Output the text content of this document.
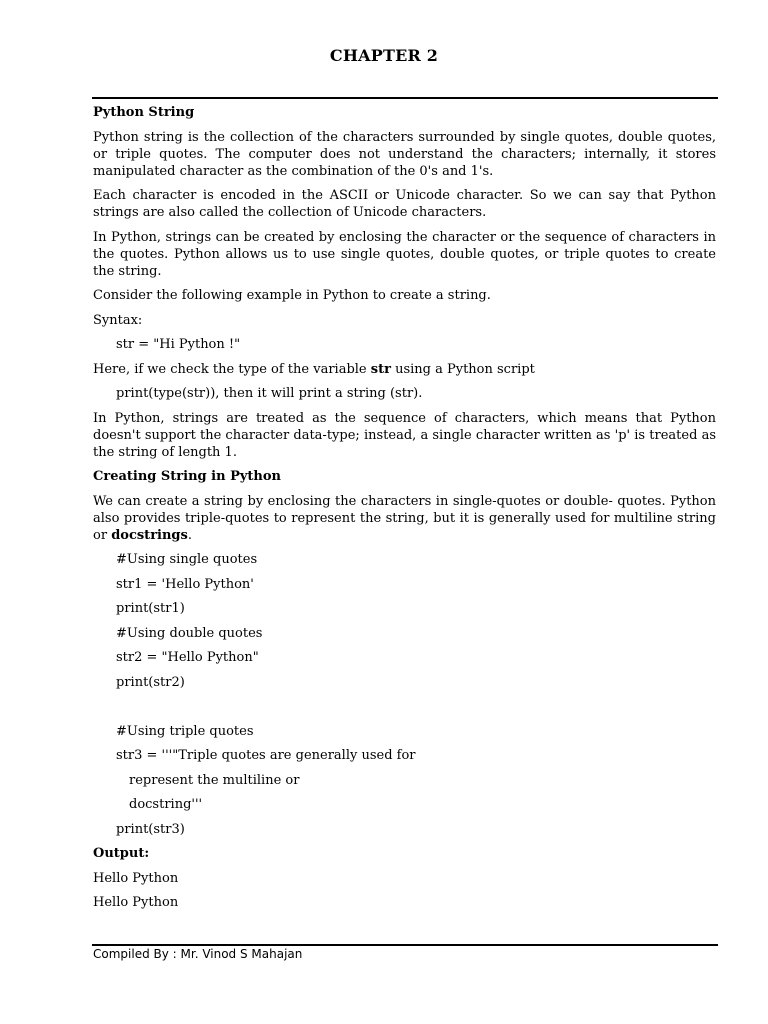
CHAPTER 2
Python String

Python string is the collection of the characters surrounded by single quotes, double quotes, or triple quotes. The computer does not understand the characters; internally, it stores manipulated character as the combination of the 0's and 1's.

Each character is encoded in the ASCII or Unicode character. So we can say that Python strings are also called the collection of Unicode characters.

In Python, strings can be created by enclosing the character or the sequence of characters in the quotes. Python allows us to use single quotes, double quotes, or triple quotes to create the string.

Consider the following example in Python to create a string.
Syntax:
str = "Hi Python !"
Here, if we check the type of the variable str using a Python script
print(type(str)), then it will print a string (str).

In Python, strings are treated as the sequence of characters, which means that Python doesn't support the character data-type; instead, a single character written as 'p' is treated as the string of length 1.

Creating String in Python

We can create a string by enclosing the characters in single-quotes or double- quotes. Python also provides triple-quotes to represent the string, but it is generally used for multiline string or docstrings.

#Using single quotes
str1 = 'Hello Python'
print(str1)
#Using double quotes
str2 = "Hello Python"
print(str2)
#Using triple quotes
str3 = '''"Triple quotes are generally used for
represent the multiline or
docstring'''
print(str3)
Output:
Hello Python
Hello Python
Compiled By : Mr. Vinod S Mahajan
